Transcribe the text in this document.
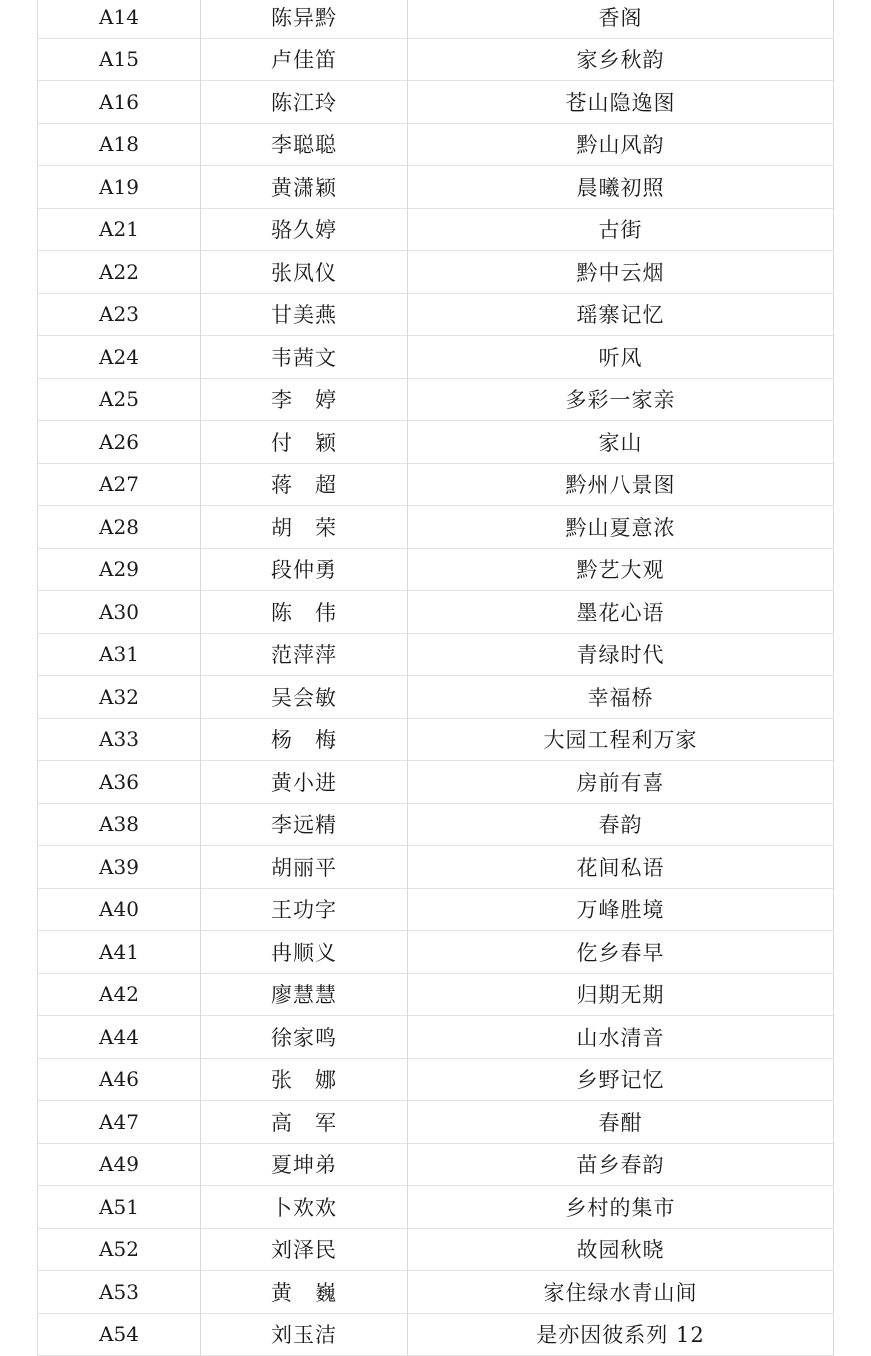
A14	陈异黔	香阁
A15	卢佳笛	家乡秋韵
A16	陈江玲	苍山隐逸图
A18	李聪聪	黔山风韵
A19	黄潇颖	晨曦初照
A21	骆久婷	古街
A22	张凤仪	黔中云烟
A23	甘美燕	瑶寨记忆
A24	韦茜文	听风
A25	李　婷	多彩一家亲
A26	付　颖	家山
A27	蒋　超	黔州八景图
A28	胡　荣	黔山夏意浓
A29	段仲勇	黔艺大观
A30	陈　伟	墨花心语
A31	范萍萍	青绿时代
A32	吴会敏	幸福桥
A33	杨　梅	大园工程利万家
A36	黄小进	房前有喜
A38	李远精	春韵
A39	胡丽平	花间私语
A40	王功字	万峰胜境
A41	冉顺义	仡乡春早
A42	廖慧慧	归期无期
A44	徐家鸣	山水清音
A46	张　娜	乡野记忆
A47	高　军	春酣
A49	夏坤弟	苗乡春韵
A51	卜欢欢	乡村的集市
A52	刘泽民	故园秋晓
A53	黄　巍	家住绿水青山间
A54	刘玉洁	是亦因彼系列 12
